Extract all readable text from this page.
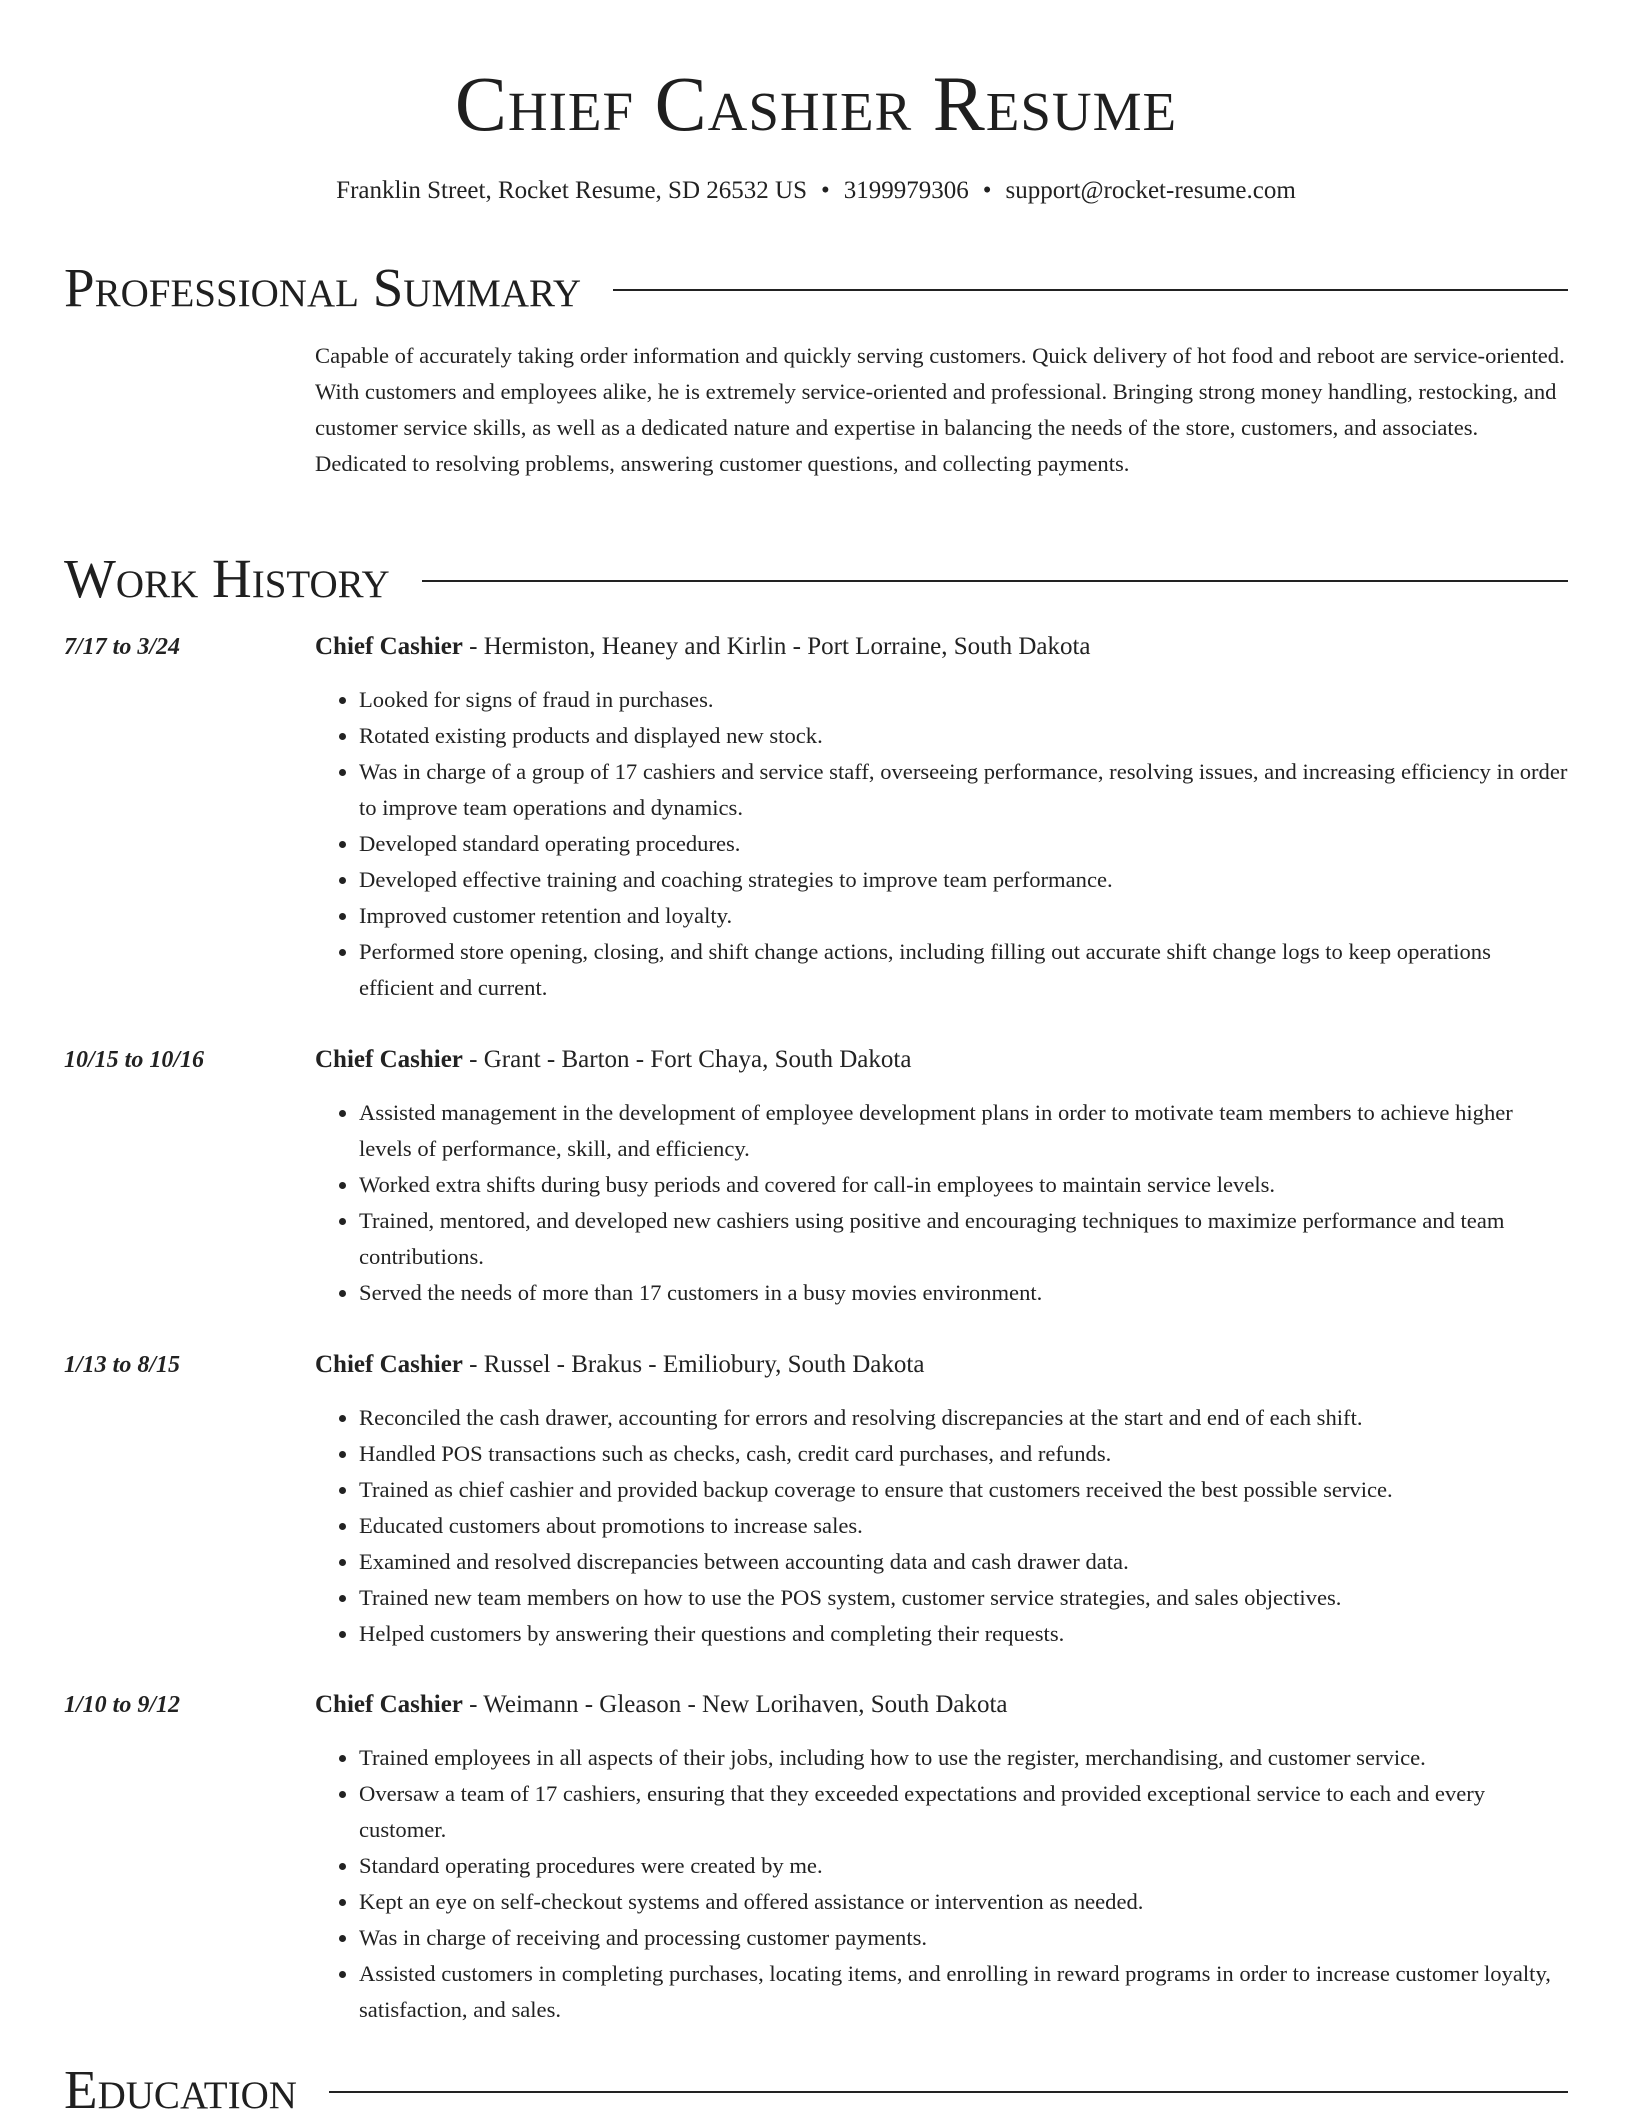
Chief Cashier Resume
Franklin Street, Rocket Resume, SD 26532 US • 3199979306 • support@rocket-resume.com
Professional Summary

Capable of accurately taking order information and quickly serving customers. Quick delivery of hot food and reboot are service-oriented. With customers and employees alike, he is extremely service-oriented and professional. Bringing strong money handling, restocking, and customer service skills, as well as a dedicated nature and expertise in balancing the needs of the store, customers, and associates. Dedicated to resolving problems, answering customer questions, and collecting payments.

Work History
7/17 to 3/24	Chief Cashier - Hermiston, Heaney and Kirlin - Port Lorraine, South Dakota
• Looked for signs of fraud in purchases.
• Rotated existing products and displayed new stock.
• Was in charge of a group of 17 cashiers and service staff, overseeing performance, resolving issues, and increasing efficiency in order to improve team operations and dynamics.
• Developed standard operating procedures.
• Developed effective training and coaching strategies to improve team performance.
• Improved customer retention and loyalty.
• Performed store opening, closing, and shift change actions, including filling out accurate shift change logs to keep operations efficient and current.
10/15 to 10/16	Chief Cashier - Grant - Barton - Fort Chaya, South Dakota
• Assisted management in the development of employee development plans in order to motivate team members to achieve higher levels of performance, skill, and efficiency.
• Worked extra shifts during busy periods and covered for call-in employees to maintain service levels.
• Trained, mentored, and developed new cashiers using positive and encouraging techniques to maximize performance and team contributions.
• Served the needs of more than 17 customers in a busy movies environment.
1/13 to 8/15	Chief Cashier - Russel - Brakus - Emiliobury, South Dakota
• Reconciled the cash drawer, accounting for errors and resolving discrepancies at the start and end of each shift.
• Handled POS transactions such as checks, cash, credit card purchases, and refunds.
• Trained as chief cashier and provided backup coverage to ensure that customers received the best possible service.
• Educated customers about promotions to increase sales.
• Examined and resolved discrepancies between accounting data and cash drawer data.
• Trained new team members on how to use the POS system, customer service strategies, and sales objectives.
• Helped customers by answering their questions and completing their requests.
1/10 to 9/12	Chief Cashier - Weimann - Gleason - New Lorihaven, South Dakota
• Trained employees in all aspects of their jobs, including how to use the register, merchandising, and customer service.
• Oversaw a team of 17 cashiers, ensuring that they exceeded expectations and provided exceptional service to each and every customer.
• Standard operating procedures were created by me.
• Kept an eye on self-checkout systems and offered assistance or intervention as needed.
• Was in charge of receiving and processing customer payments.
• Assisted customers in completing purchases, locating items, and enrolling in reward programs in order to increase customer loyalty, satisfaction, and sales.
Education
